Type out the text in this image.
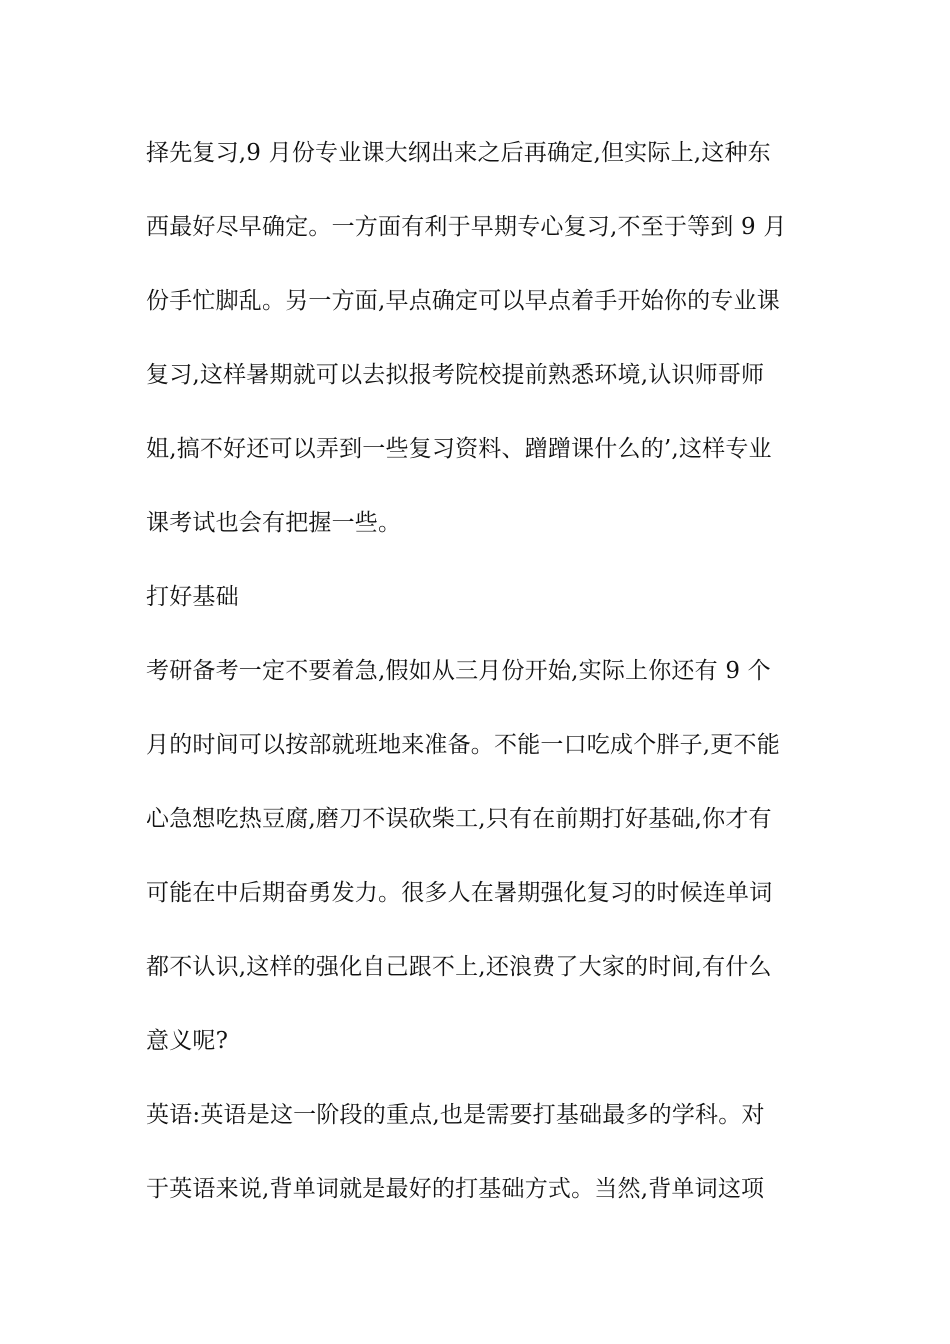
择先复习,9 月份专业课大纲出来之后再确定,但实际上,这种东
西最好尽早确定。一方面有利于早期专心复习,不至于等到 9 月
份手忙脚乱。另一方面,早点确定可以早点着手开始你的专业课
复习,这样暑期就可以去拟报考院校提前熟悉环境,认识师哥师
姐,搞不好还可以弄到一些复习资料、蹭蹭课什么的’,这样专业
课考试也会有把握一些。
打好基础
考研备考一定不要着急,假如从三月份开始,实际上你还有 9 个
月的时间可以按部就班地来准备。不能一口吃成个胖子,更不能
心急想吃热豆腐,磨刀不误砍柴工,只有在前期打好基础,你才有
可能在中后期奋勇发力。很多人在暑期强化复习的时候连单词
都不认识,这样的强化自己跟不上,还浪费了大家的时间,有什么
意义呢?
英语:英语是这一阶段的重点,也是需要打基础最多的学科。对
于英语来说,背单词就是最好的打基础方式。当然,背单词这项
